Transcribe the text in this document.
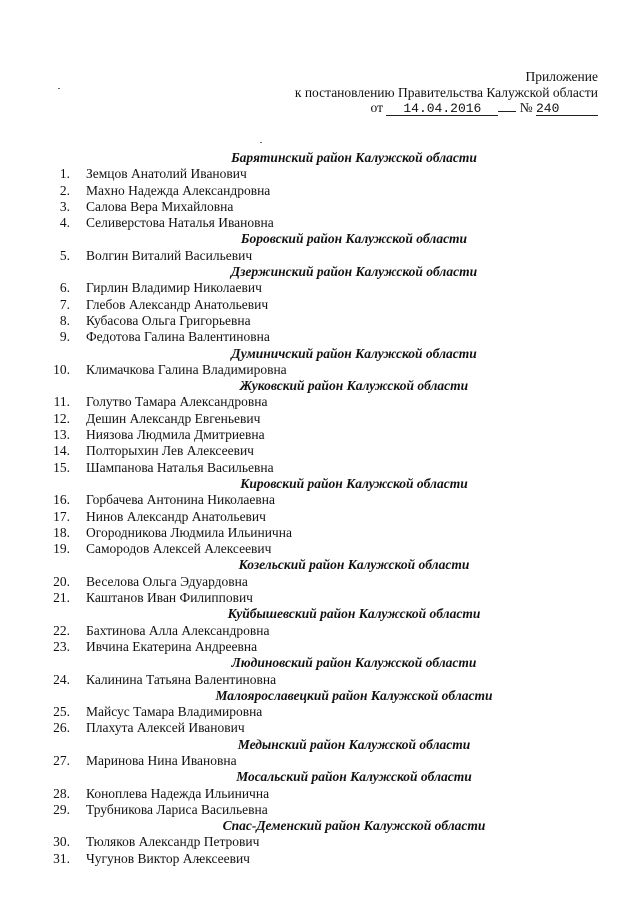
Приложение
к постановлению Правительства Калужской области
от 14.04.2016	№ 240
Барятинский район Калужской области
1. Земцов Анатолий Иванович
2. Махно Надежда Александровна
3. Салова Вера Михайловна
4. Селиверстова Наталья Ивановна
Боровский район Калужской области
5. Волгин Виталий Васильевич
Дзержинский район Калужской области
6. Гирлин Владимир Николаевич
7. Глебов Александр Анатольевич
8. Кубасова Ольга Григорьевна
9. Федотова Галина Валентиновна
Думиничский район Калужской области
10. Климачкова Галина Владимировна
Жуковский район Калужской области
11. Голутво Тамара Александровна
12. Дешин Александр Евгеньевич
13. Ниязова Людмила Дмитриевна
14. Полторыхин Лев Алексеевич
15. Шампанова Наталья Васильевна
Кировский район Калужской области
16. Горбачева Антонина Николаевна
17. Нинов Александр Анатольевич
18. Огородникова Людмила Ильинична
19. Самородов Алексей Алексеевич
Козельский район Калужской области
20. Веселова Ольга Эдуардовна
21. Каштанов Иван Филиппович
Куйбышевский район Калужской области
22. Бахтинова Алла Александровна
23. Ивчина Екатерина Андреевна
Людиновский район Калужской области
24. Калинина Татьяна Валентиновна
Малоярославецкий район Калужской области
25. Майсус Тамара Владимировна
26. Плахута Алексей Иванович
Медынский район Калужской области
27. Маринова Нина Ивановна
Мосальский район Калужской области
28. Коноплева Надежда Ильинична
29. Трубникова Лариса Васильевна
Спас-Деменский район Калужской области
30. Тюляков Александр Петрович
31. Чугунов Виктор Алексеевич
